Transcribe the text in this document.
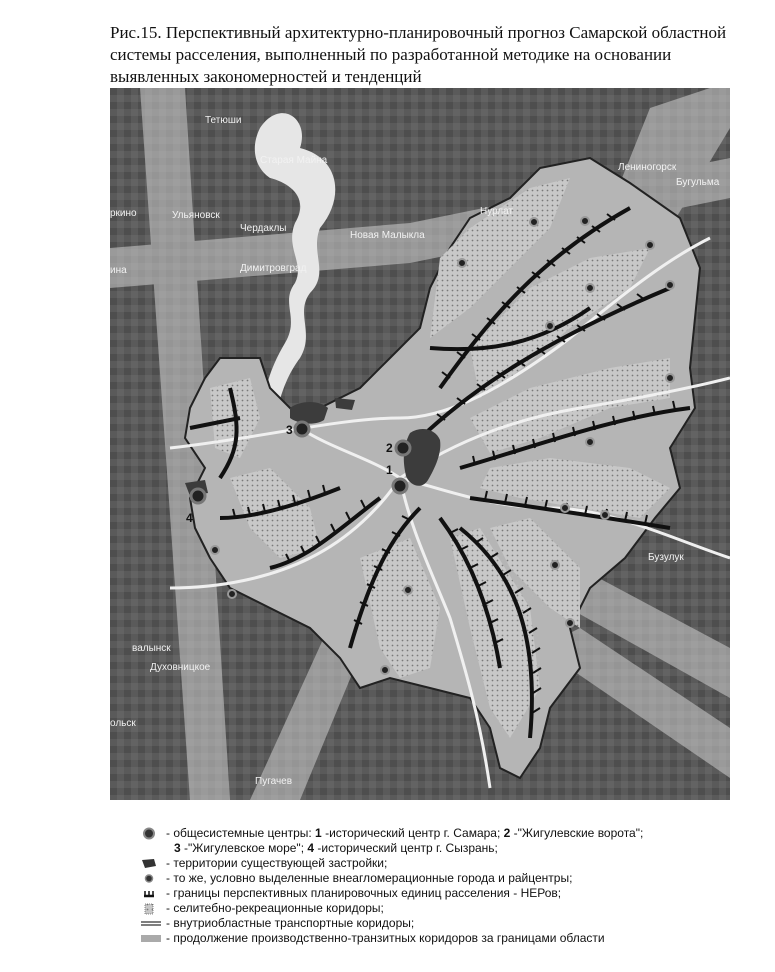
Рис.15. Перспективный архитектурно-планировочный прогноз Самарской областной системы расселения, выполненный по разработанной методике на основании выявленных закономерностей и тенденций
1
2
3
4
Тетюши
Старая Майна
Ульяновск
Чердаклы
ркино
ина
Нурлат
Новая Малыкла
Димитровград
Лениногорск
Бугульма
Бузулук
валынск
Духовницкое
ольск
Пугачев
- общесистемные центры: 1 -исторический центр г. Самара; 2 -"Жигулевские ворота";
3 -"Жигулевское море"; 4 -исторический центр г. Сызрань;
- территории существующей застройки;
- то же, условно выделенные внеагломерационные города и райцентры;
- границы перспективных планировочных единиц расселения - НЕРов;
- селитебно-рекреационные коридоры;
- внутриобластные транспортные коридоры;
- продолжение производственно-транзитных коридоров за границами области
